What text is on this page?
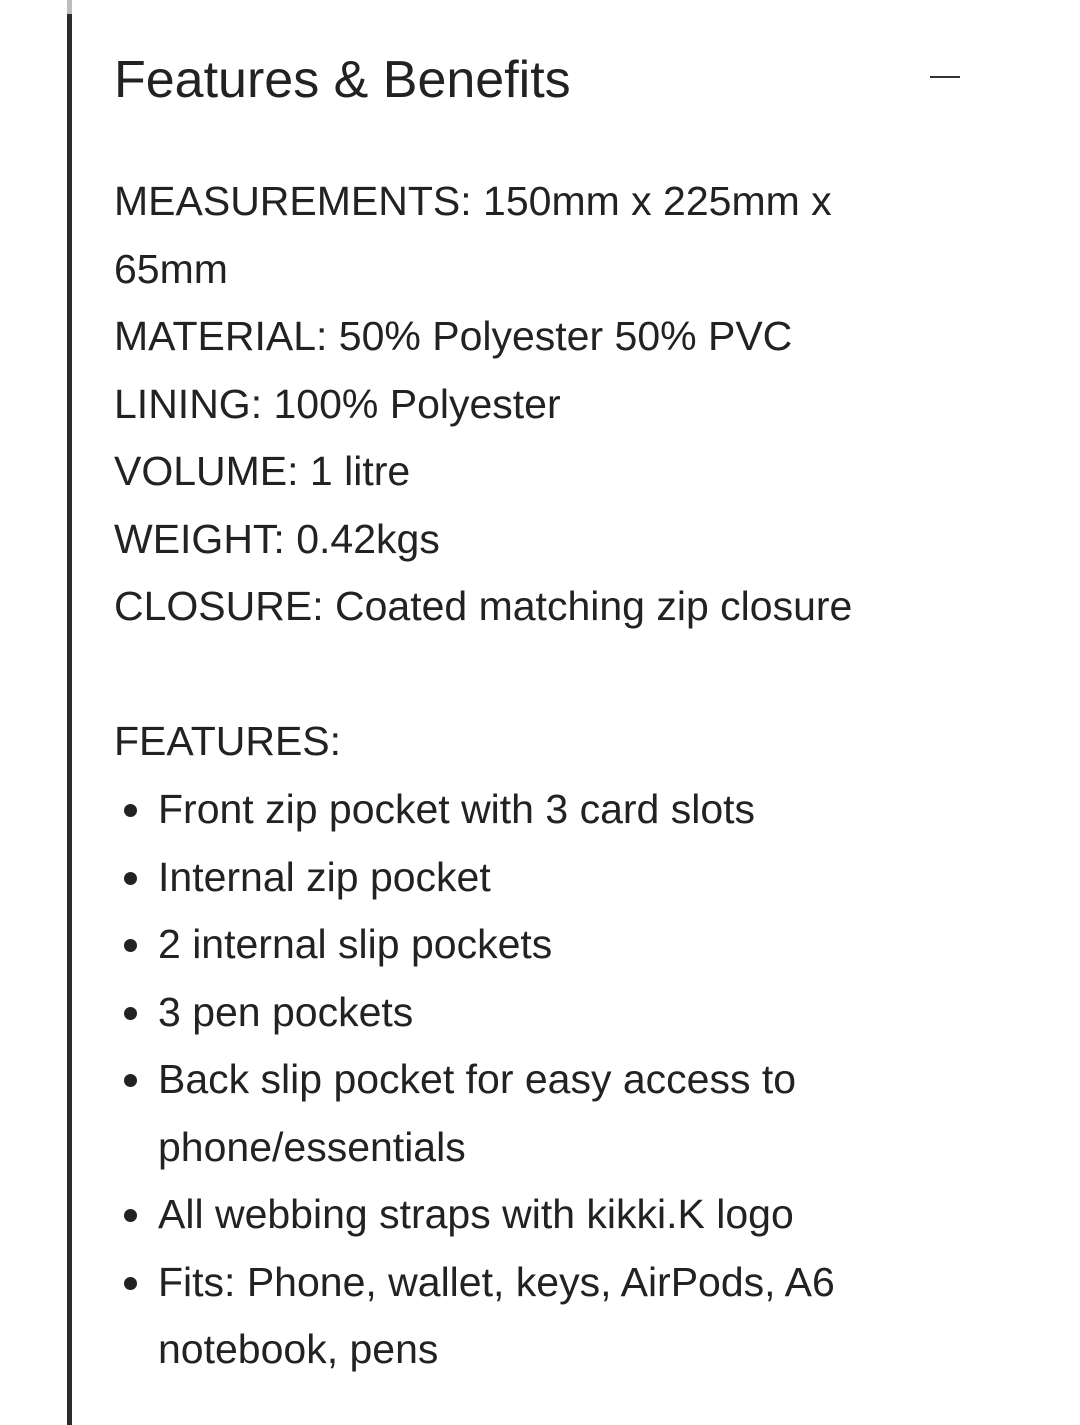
Features & Benefits
MEASUREMENTS: 150mm x 225mm x 65mm
MATERIAL: 50% Polyester 50% PVC
LINING: 100% Polyester
VOLUME: 1 litre
WEIGHT: 0.42kgs
CLOSURE: Coated matching zip closure
FEATURES:
Front zip pocket with 3 card slots
Internal zip pocket
2 internal slip pockets
3 pen pockets
Back slip pocket for easy access to phone/essentials
All webbing straps with kikki.K logo
Fits: Phone, wallet, keys, AirPods, A6 notebook, pens
